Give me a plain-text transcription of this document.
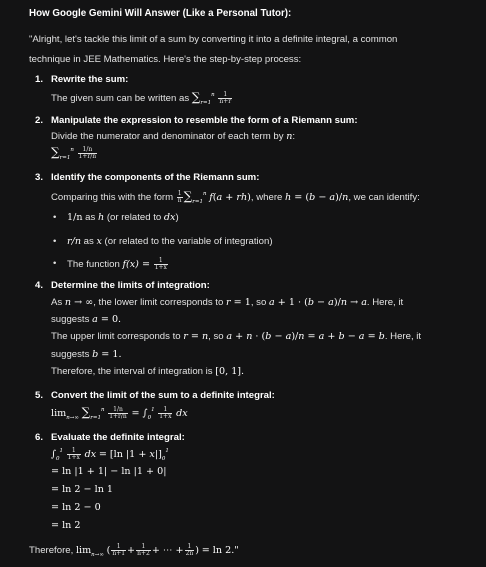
How Google Gemini Will Answer (Like a Personal Tutor):
"Alright, let's tackle this limit of a sum by converting it into a definite integral, a common
technique in JEE Mathematics. Here's the step-by-step process:
1. Rewrite the sum:
The given sum can be written as $\sum_{r=1}^n \frac{1}{n+r}$
2. Manipulate the expression to resemble the form of a Riemann sum:
Divide the numerator and denominator of each term by n:
$\sum_{r=1}^n \frac{1/n}{1+r/n}$
3. Identify the components of the Riemann sum:
Comparing this with the form $\frac{1}{n} \sum_{r=1}^n$ f(a + rh), where h = (b − a)/n, we can identify:
• 1/n as h (or related to dx)
• r/n as x (or related to the variable of integration)
• The function $f(x) = \frac{1}{1+x}$
4. Determine the limits of integration:
As n → ∞, the lower limit corresponds to r = 1, so a + 1 · (b − a)/n → a. Here, it
suggests a = 0.
The upper limit corresponds to r = n, so a + n · (b − a)/n = a + b − a = b. Here, it
suggests b = 1.
Therefore, the interval of integration is [0, 1].
5. Convert the limit of the sum to a definite integral:
$\lim_{n\to\infty} \sum_{r=1}^n \frac{1/n}{1+r/n} = \int_0^1 \frac{1}{1+x}$ dx
6. Evaluate the definite integral:
$\int_0^1 \frac{1}{1+x}$ dx = [ln $|1 + x|]_0^1$
= ln |1 + 1| − ln |1 + 0|
= ln 2 − ln 1
= ln 2 − 0
= ln 2
Therefore, $\lim_{n\to\infty}$ ( $\frac{1}{n+1} + \frac{1}{n+2}$ + ⋯ + $\frac{1}{2n}$ ) = ln 2."
